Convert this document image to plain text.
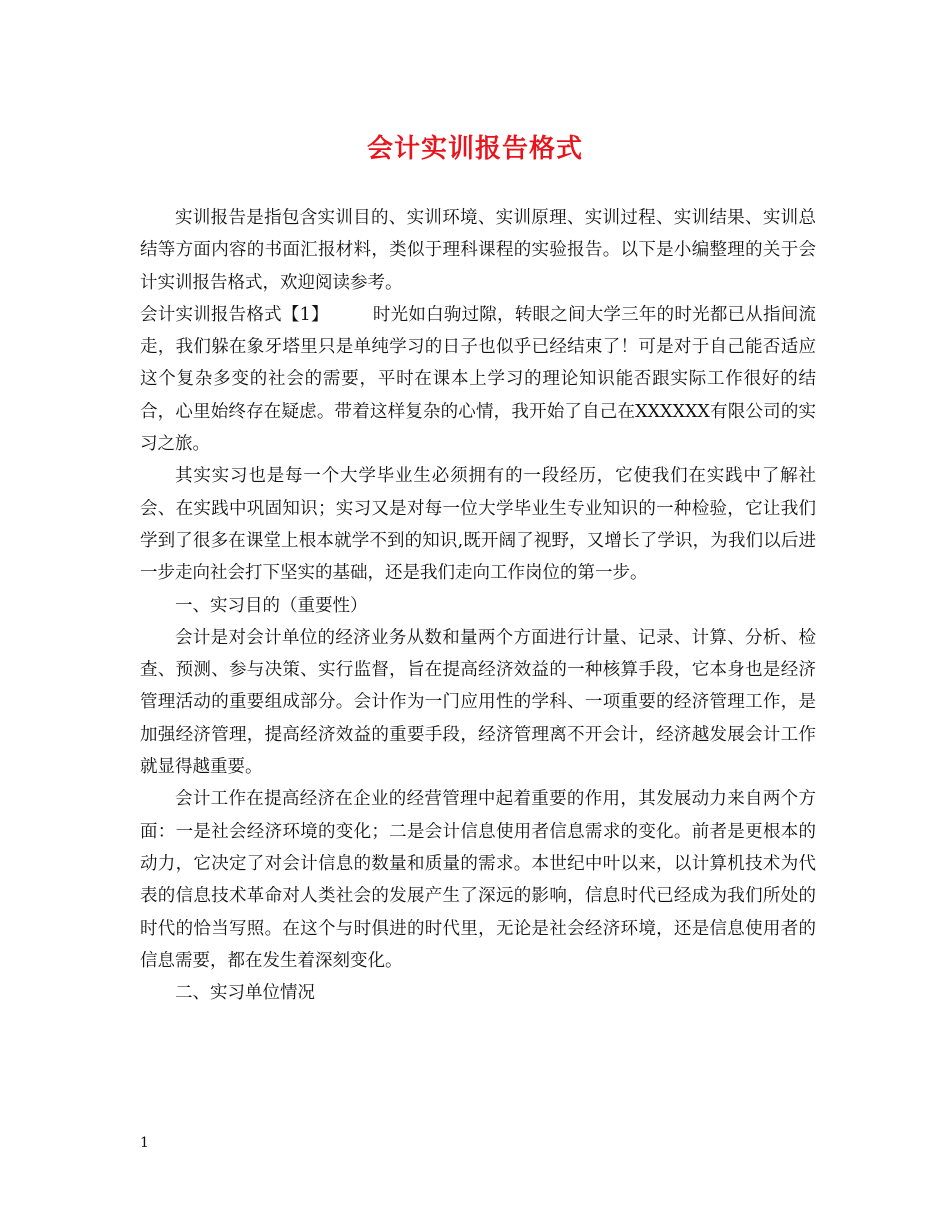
会计实训报告格式

实训报告是指包含实训目的、实训环境、实训原理、实训过程、实训结果、实训总结等方面内容的书面汇报材料，类似于理科课程的实验报告。以下是小编整理的关于会计实训报告格式，欢迎阅读参考。

会计实训报告格式【1】	时光如白驹过隙，转眼之间大学三年的时光都已从指间流走，我们躲在象牙塔里只是单纯学习的日子也似乎已经结束了！可是对于自己能否适应这个复杂多变的社会的需要，平时在课本上学习的理论知识能否跟实际工作很好的结合，心里始终存在疑虑。带着这样复杂的心情，我开始了自己在XXXXXX有限公司的实习之旅。

其实实习也是每一个大学毕业生必须拥有的一段经历，它使我们在实践中了解社会、在实践中巩固知识；实习又是对每一位大学毕业生专业知识的一种检验，它让我们学到了很多在课堂上根本就学不到的知识,既开阔了视野，又增长了学识，为我们以后进一步走向社会打下坚实的基础，还是我们走向工作岗位的第一步。

一、实习目的（重要性）

会计是对会计单位的经济业务从数和量两个方面进行计量、记录、计算、分析、检查、预测、参与决策、实行监督，旨在提高经济效益的一种核算手段，它本身也是经济管理活动的重要组成部分。会计作为一门应用性的学科、一项重要的经济管理工作，是加强经济管理，提高经济效益的重要手段，经济管理离不开会计，经济越发展会计工作就显得越重要。

会计工作在提高经济在企业的经营管理中起着重要的作用，其发展动力来自两个方面：一是社会经济环境的变化；二是会计信息使用者信息需求的变化。前者是更根本的动力，它决定了对会计信息的数量和质量的需求。本世纪中叶以来，以计算机技术为代表的信息技术革命对人类社会的发展产生了深远的影响，信息时代已经成为我们所处的时代的恰当写照。在这个与时俱进的时代里，无论是社会经济环境，还是信息使用者的信息需要，都在发生着深刻变化。

二、实习单位情况

1
